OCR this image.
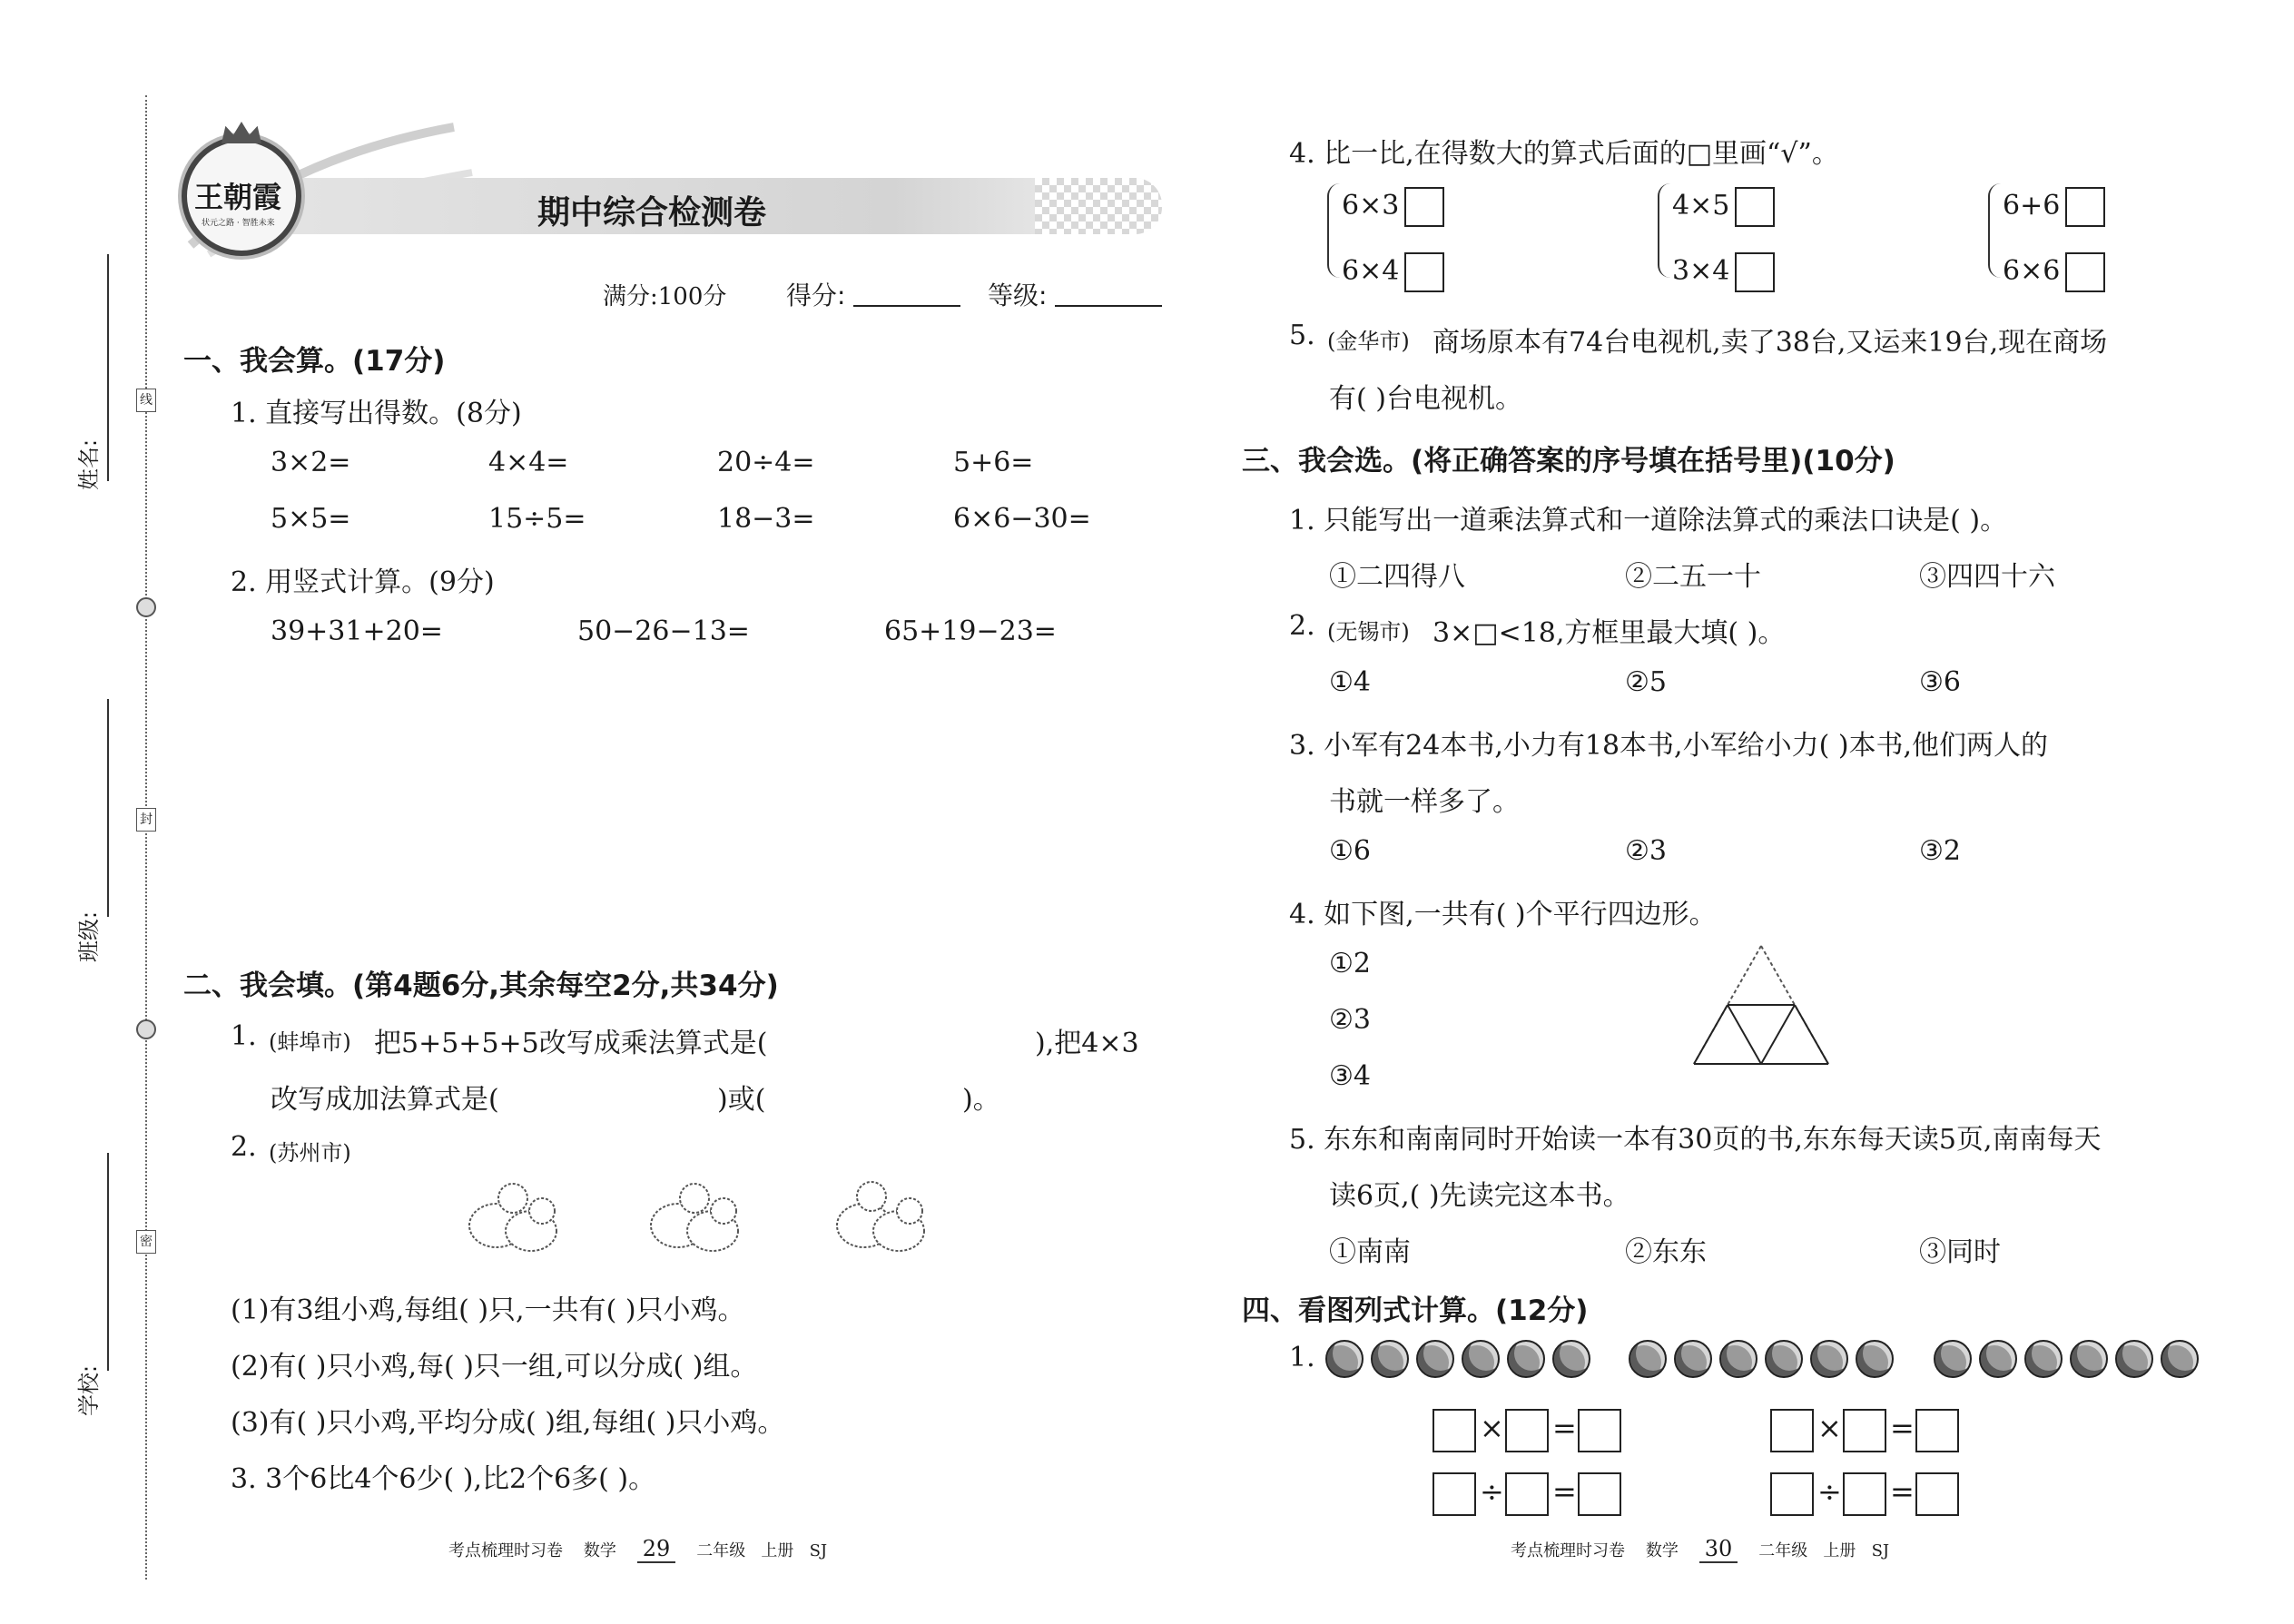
姓名:
班级:
学校:
线
封
密
期中综合检测卷
王朝霞
状元之路 · 智胜未来
满分:100分 得分:	等级:
一、我会算。(17分)
1. 直接写出得数。(8分)
3×2=	4×4=	20÷4=	5+6=
5×5=	15÷5=	18−3=	6×6−30=
2. 用竖式计算。(9分)
39+31+20=	50−26−13=	65+19−23=
二、我会填。(第4题6分,其余每空2分,共34分)
1. (蚌埠市) 把5+5+5+5改写成乘法算式是(	),把4×3
改写成加法算式是(	)或(	)。
2. (苏州市)
(1)有3组小鸡,每组( )只,一共有( )只小鸡。
(2)有( )只小鸡,每( )只一组,可以分成( )组。
(3)有( )只小鸡,平均分成( )组,每组( )只小鸡。
3. 3个6比4个6少( ),比2个6多( )。
考点梳理时习卷 数学 29 二年级 上册 SJ
4. 比一比,在得数大的算式后面的□里画“√”。
6×3
6×4
4×5
3×4
6+6
6×6
5. (金华市) 商场原本有74台电视机,卖了38台,又运来19台,现在商场
有( )台电视机。
三、我会选。(将正确答案的序号填在括号里)(10分)
1. 只能写出一道乘法算式和一道除法算式的乘法口诀是( )。
①二四得八	②二五一十	③四四十六
2. (无锡市) 3×□<18,方框里最大填( )。
①4	②5	③6
3. 小军有24本书,小力有18本书,小军给小力( )本书,他们两人的
书就一样多了。
①6	②3	③2
4. 如下图,一共有( )个平行四边形。
①2
②3
③4
5. 东东和南南同时开始读一本有30页的书,东东每天读5页,南南每天
读6页,( )先读完这本书。
①南南	②东东	③同时
四、看图列式计算。(12分)
1.
× =
÷ =
× =
÷ =
考点梳理时习卷 数学 30 二年级 上册 SJ
